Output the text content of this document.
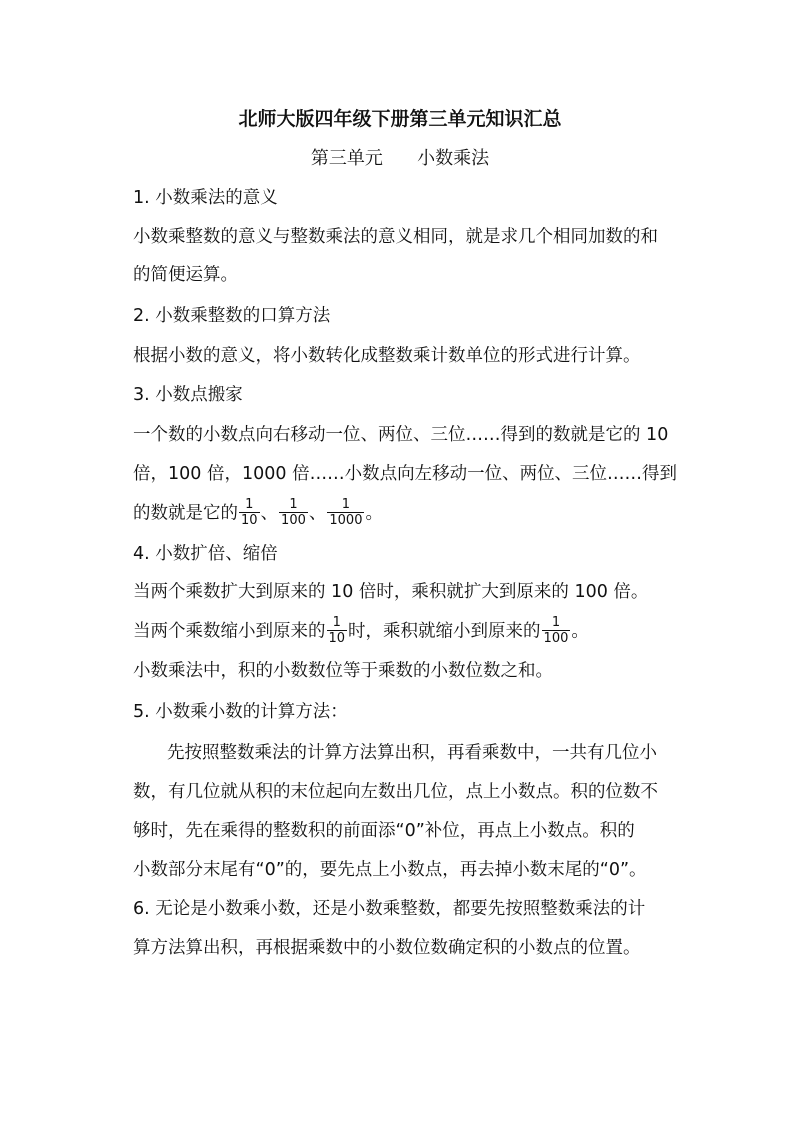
北师大版四年级下册第三单元知识汇总
第三单元      小数乘法
1. 小数乘法的意义
小数乘整数的意义与整数乘法的意义相同，就是求几个相同加数的和
的简便运算。
2. 小数乘整数的口算方法
根据小数的意义，将小数转化成整数乘计数单位的形式进行计算。
3. 小数点搬家
一个数的小数点向右移动一位、两位、三位……得到的数就是它的 10
倍，100 倍，1000 倍……小数点向左移动一位、两位、三位……得到
的数就是它的 $\frac{1}{10}$ 、 $\frac{1}{100}$ 、 $\frac{1}{1000}$ 。
4. 小数扩倍、缩倍
当两个乘数扩大到原来的 10 倍时，乘积就扩大到原来的 100 倍。
当两个乘数缩小到原来的 $\frac{1}{10}$ 时，乘积就缩小到原来的 $\frac{1}{100}$ 。
小数乘法中，积的小数数位等于乘数的小数位数之和。
5. 小数乘小数的计算方法：
先按照整数乘法的计算方法算出积，再看乘数中，一共有几位小
数，有几位就从积的末位起向左数出几位，点上小数点。积的位数不
够时，先在乘得的整数积的前面添“0”补位，再点上小数点。积的
小数部分末尾有“0”的，要先点上小数点，再去掉小数末尾的“0”。
6. 无论是小数乘小数，还是小数乘整数，都要先按照整数乘法的计
算方法算出积，再根据乘数中的小数位数确定积的小数点的位置。
